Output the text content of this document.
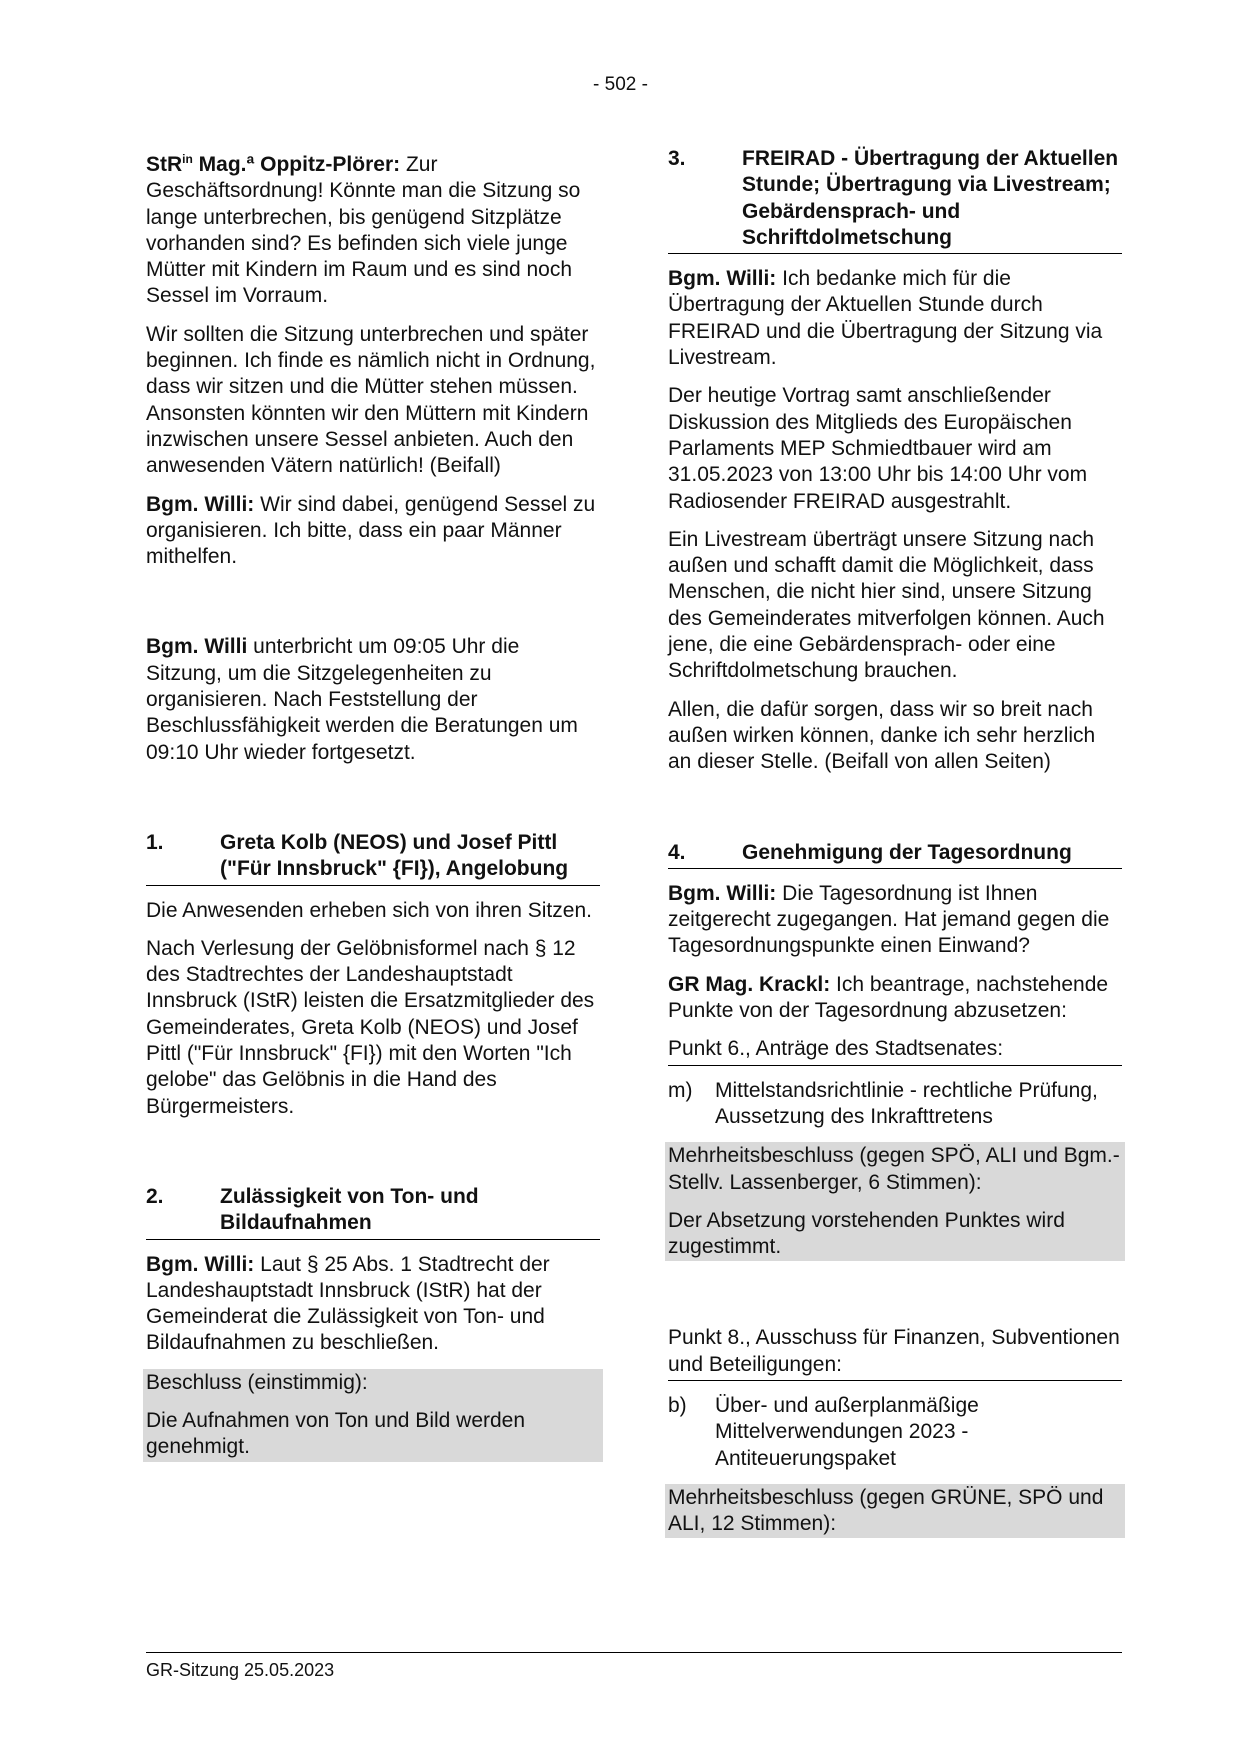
- 502 -

StR$^{in}$ Mag.ª Oppitz-Plörer: Zur Geschäftsordnung! Könnte man die Sitzung so lange unterbrechen, bis genügend Sitzplätze vorhanden sind? Es befinden sich viele junge Mütter mit Kindern im Raum und es sind noch Sessel im Vorraum.

Wir sollten die Sitzung unterbrechen und später beginnen. Ich finde es nämlich nicht in Ordnung, dass wir sitzen und die Mütter stehen müssen. Ansonsten könnten wir den Müttern mit Kindern inzwischen unsere Sessel anbieten. Auch den anwesenden Vätern natürlich! (Beifall)

Bgm. Willi: Wir sind dabei, genügend Sessel zu organisieren. Ich bitte, dass ein paar Männer mithelfen.

Bgm. Willi unterbricht um 09:05 Uhr die Sitzung, um die Sitzgelegenheiten zu organisieren. Nach Feststellung der Beschlussfähigkeit werden die Beratungen um 09:10 Uhr wieder fortgesetzt.

1.	Greta Kolb (NEOS) und Josef Pittl ("Für Innsbruck" {FI}), Angelobung

Die Anwesenden erheben sich von ihren Sitzen.

Nach Verlesung der Gelöbnisformel nach § 12 des Stadtrechtes der Landeshauptstadt Innsbruck (IStR) leisten die Ersatzmitglieder des Gemeinderates, Greta Kolb (NEOS) und Josef Pittl ("Für Innsbruck" {FI}) mit den Worten "Ich gelobe" das Gelöbnis in die Hand des Bürgermeisters.

2.	Zulässigkeit von Ton- und Bildaufnahmen

Bgm. Willi: Laut § 25 Abs. 1 Stadtrecht der Landeshauptstadt Innsbruck (IStR) hat der Gemeinderat die Zulässigkeit von Ton- und Bildaufnahmen zu beschließen.

Beschluss (einstimmig):

Die Aufnahmen von Ton und Bild werden genehmigt.

3.	FREIRAD - Übertragung der Aktuellen Stunde; Übertragung via Livestream; Gebärdensprach- und Schriftdolmetschung

Bgm. Willi: Ich bedanke mich für die Übertragung der Aktuellen Stunde durch FREIRAD und die Übertragung der Sitzung via Livestream.

Der heutige Vortrag samt anschließender Diskussion des Mitglieds des Europäischen Parlaments MEP Schmiedtbauer wird am 31.05.2023 von 13:00 Uhr bis 14:00 Uhr vom Radiosender FREIRAD ausgestrahlt.

Ein Livestream überträgt unsere Sitzung nach außen und schafft damit die Möglichkeit, dass Menschen, die nicht hier sind, unsere Sitzung des Gemeinderates mitverfolgen können. Auch jene, die eine Gebärdensprach- oder eine Schriftdolmetschung brauchen.

Allen, die dafür sorgen, dass wir so breit nach außen wirken können, danke ich sehr herzlich an dieser Stelle. (Beifall von allen Seiten)

4.	Genehmigung der Tagesordnung

Bgm. Willi: Die Tagesordnung ist Ihnen zeitgerecht zugegangen. Hat jemand gegen die Tagesordnungspunkte einen Einwand?

GR Mag. Krackl: Ich beantrage, nachstehende Punkte von der Tagesordnung abzusetzen:

Punkt 6., Anträge des Stadtsenates:

m)	Mittelstandsrichtlinie - rechtliche Prüfung, Aussetzung des Inkrafttretens

Mehrheitsbeschluss (gegen SPÖ, ALI und Bgm.-Stellv. Lassenberger, 6 Stimmen):

Der Absetzung vorstehenden Punktes wird zugestimmt.

Punkt 8., Ausschuss für Finanzen, Subventionen und Beteiligungen:

b)	Über- und außerplanmäßige Mittelverwendungen 2023 - Antiteuerungspaket

Mehrheitsbeschluss (gegen GRÜNE, SPÖ und ALI, 12 Stimmen):

GR-Sitzung 25.05.2023
